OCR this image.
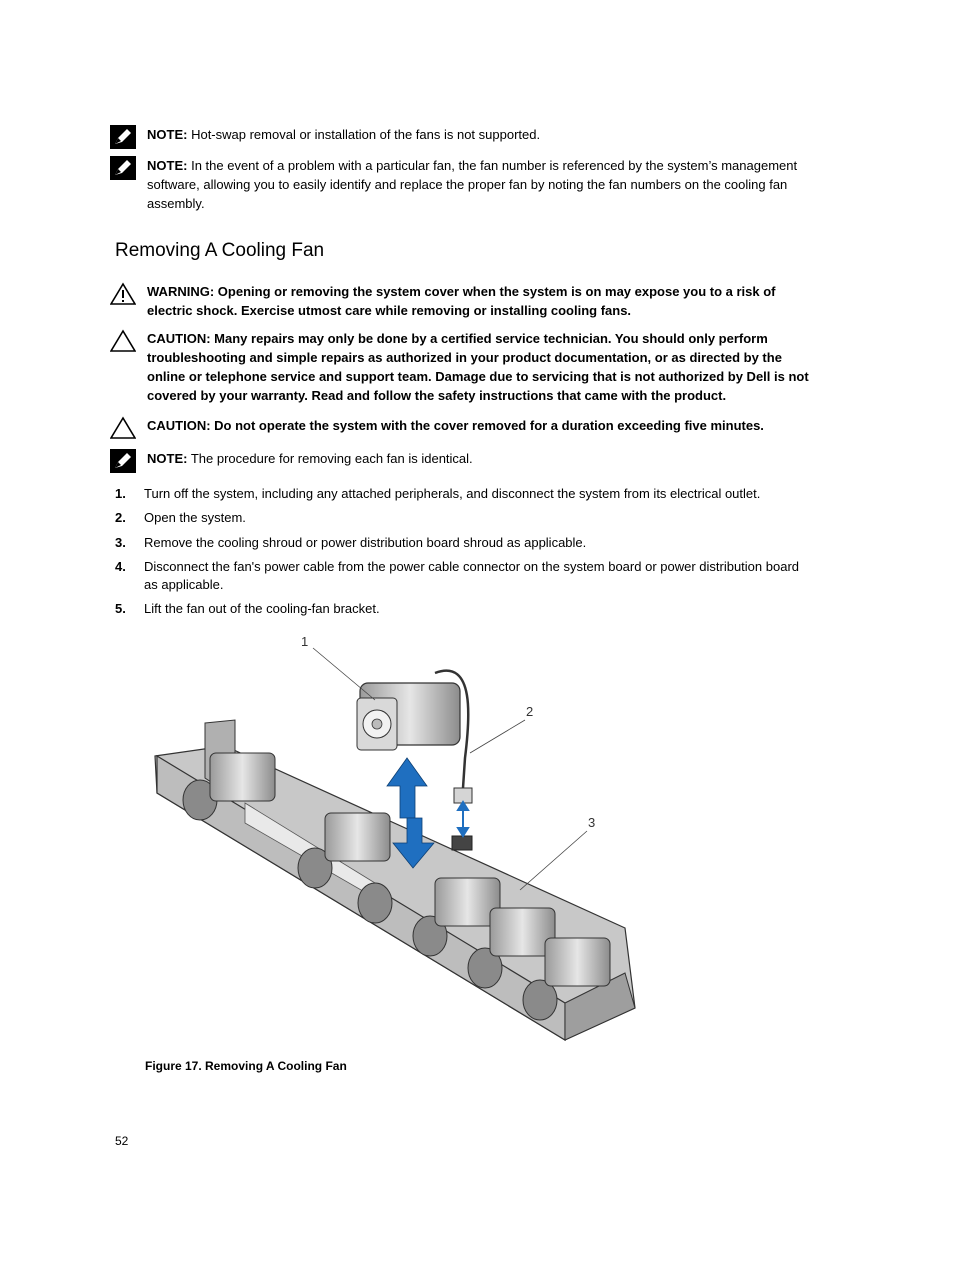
NOTE: Hot-swap removal or installation of the fans is not supported.
NOTE: In the event of a problem with a particular fan, the fan number is referenced by the system’s management software, allowing you to easily identify and replace the proper fan by noting the fan numbers on the cooling fan assembly.
Removing A Cooling Fan
WARNING: Opening or removing the system cover when the system is on may expose you to a risk of electric shock. Exercise utmost care while removing or installing cooling fans.
CAUTION: Many repairs may only be done by a certified service technician. You should only perform troubleshooting and simple repairs as authorized in your product documentation, or as directed by the online or telephone service and support team. Damage due to servicing that is not authorized by Dell is not covered by your warranty. Read and follow the safety instructions that came with the product.
CAUTION: Do not operate the system with the cover removed for a duration exceeding five minutes.
NOTE: The procedure for removing each fan is identical.
1. Turn off the system, including any attached peripherals, and disconnect the system from its electrical outlet.
2. Open the system.
3. Remove the cooling shroud or power distribution board shroud as applicable.
4. Disconnect the fan's power cable from the power cable connector on the system board or power distribution board as applicable.
5. Lift the fan out of the cooling-fan bracket.
1
2
3
Figure 17. Removing A Cooling Fan
52
